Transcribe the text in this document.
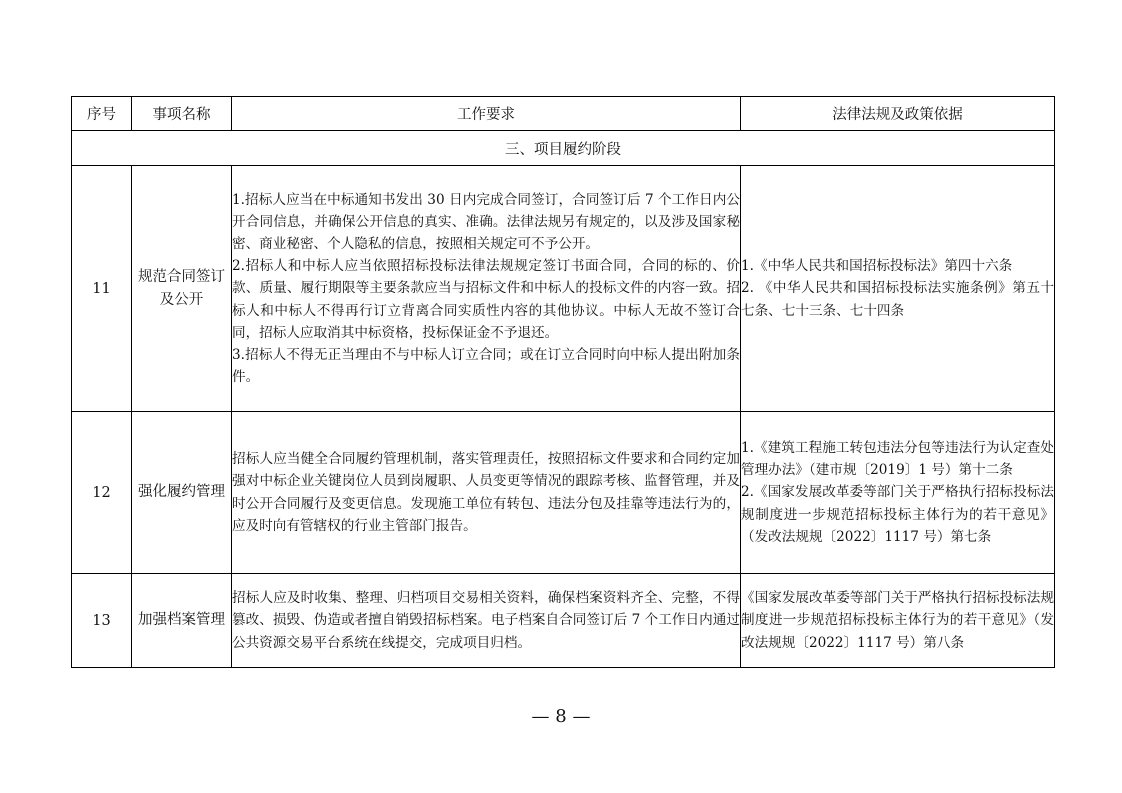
序号	事项名称	工作要求	法律法规及政策依据
三、项目履约阶段			
11	规范合同签订及公开	1.招标人应当在中标通知书发出 30 日内完成合同签订，合同签订后 7 个工作日内公开合同信息，并确保公开信息的真实、准确。法律法规另有规定的，以及涉及国家秘密、商业秘密、个人隐私的信息，按照相关规定可不予公开。
2.招标人和中标人应当依照招标投标法律法规规定签订书面合同，合同的标的、价款、质量、履行期限等主要条款应当与招标文件和中标人的投标文件的内容一致。招标人和中标人不得再行订立背离合同实质性内容的其他协议。中标人无故不签订合同，招标人应取消其中标资格，投标保证金不予退还。
3.招标人不得无正当理由不与中标人订立合同；或在订立合同时向中标人提出附加条件。	1.《中华人民共和国招标投标法》第四十六条
2. 《中华人民共和国招标投标法实施条例》第五十七条、七十三条、七十四条

12	强化履约管理	招标人应当健全合同履约管理机制，落实管理责任，按照招标文件要求和合同约定加强对中标企业关键岗位人员到岗履职、人员变更等情况的跟踪考核、监督管理，并及时公开合同履行及变更信息。发现施工单位有转包、违法分包及挂靠等违法行为的，应及时向有管辖权的行业主管部门报告。	1.《建筑工程施工转包违法分包等违法行为认定查处管理办法》（建市规〔2019〕1 号）第十二条
2.《国家发展改革委等部门关于严格执行招标投标法规制度进一步规范招标投标主体行为的若干意见》（发改法规规〔2022〕1117 号）第七条

13	加强档案管理	招标人应及时收集、整理、归档项目交易相关资料，确保档案资料齐全、完整，不得篡改、损毁、伪造或者擅自销毁招标档案。电子档案自合同签订后 7 个工作日内通过公共资源交易平台系统在线提交，完成项目归档。	《国家发展改革委等部门关于严格执行招标投标法规制度进一步规范招标投标主体行为的若干意见》（发改法规规〔2022〕1117 号）第八条
— 8 —
